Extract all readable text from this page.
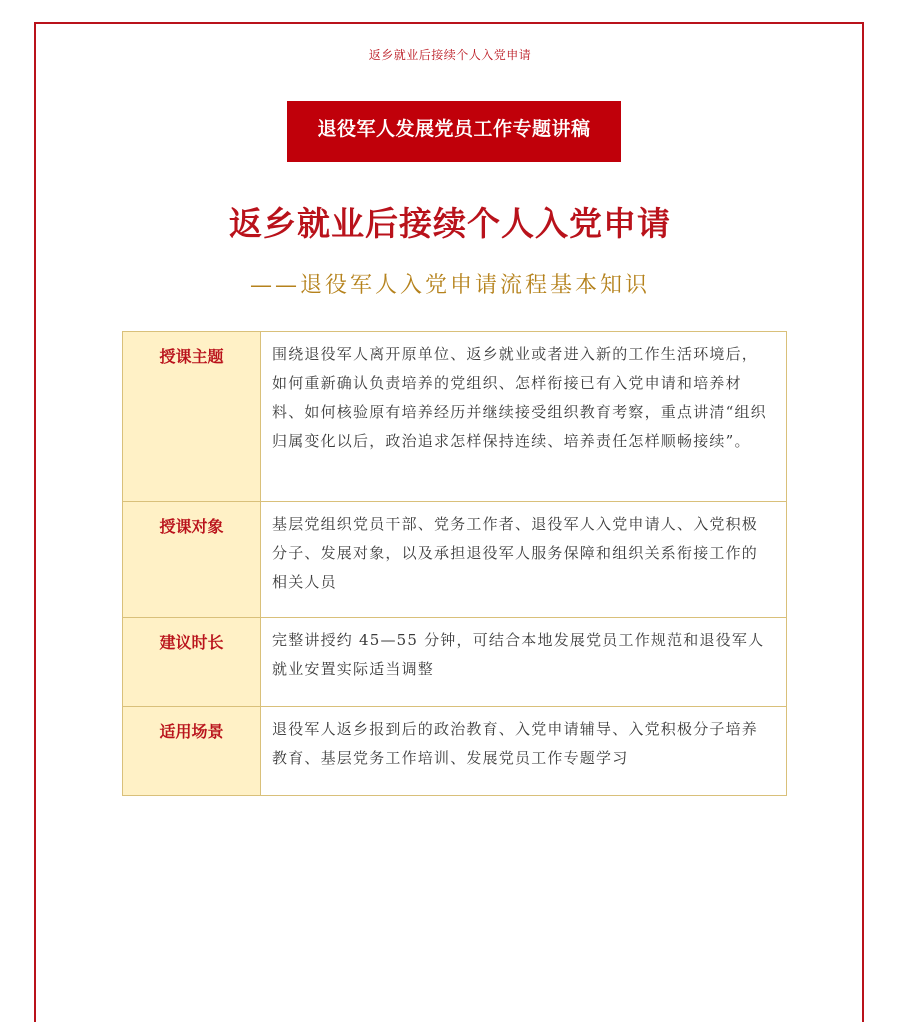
返乡就业后接续个人入党申请
退役军人发展党员工作专题讲稿
返乡就业后接续个人入党申请
——退役军人入党申请流程基本知识
授课主题	围绕退役军人离开原单位、返乡就业或者进入新的工作生活环境后，如何重新确认负责培养的党组织、怎样衔接已有入党申请和培养材料、如何核验原有培养经历并继续接受组织教育考察，重点讲清“组织归属变化以后，政治追求怎样保持连续、培养责任怎样顺畅接续”。
授课对象	基层党组织党员干部、党务工作者、退役军人入党申请人、入党积极分子、发展对象，以及承担退役军人服务保障和组织关系衔接工作的相关人员
建议时长	完整讲授约 45—55 分钟，可结合本地发展党员工作规范和退役军人就业安置实际适当调整
适用场景	退役军人返乡报到后的政治教育、入党申请辅导、入党积极分子培养教育、基层党务工作培训、发展党员工作专题学习
